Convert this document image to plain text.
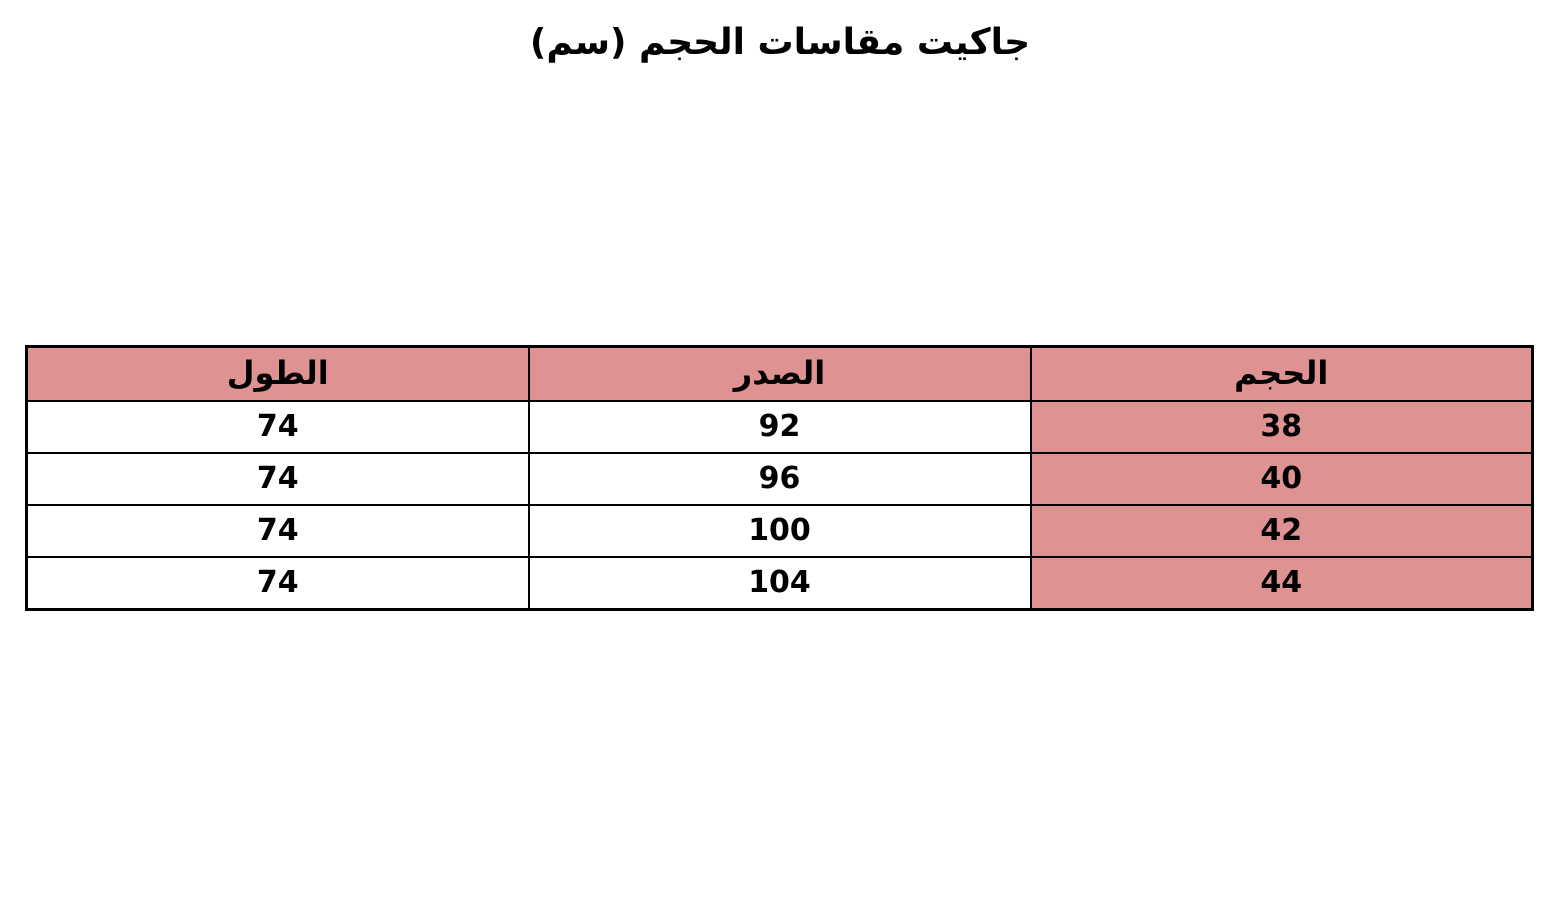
جاكيت مقاسات الحجم (سم)
الحجم	الصدر	الطول
38	92	74
40	96	74
42	100	74
44	104	74
